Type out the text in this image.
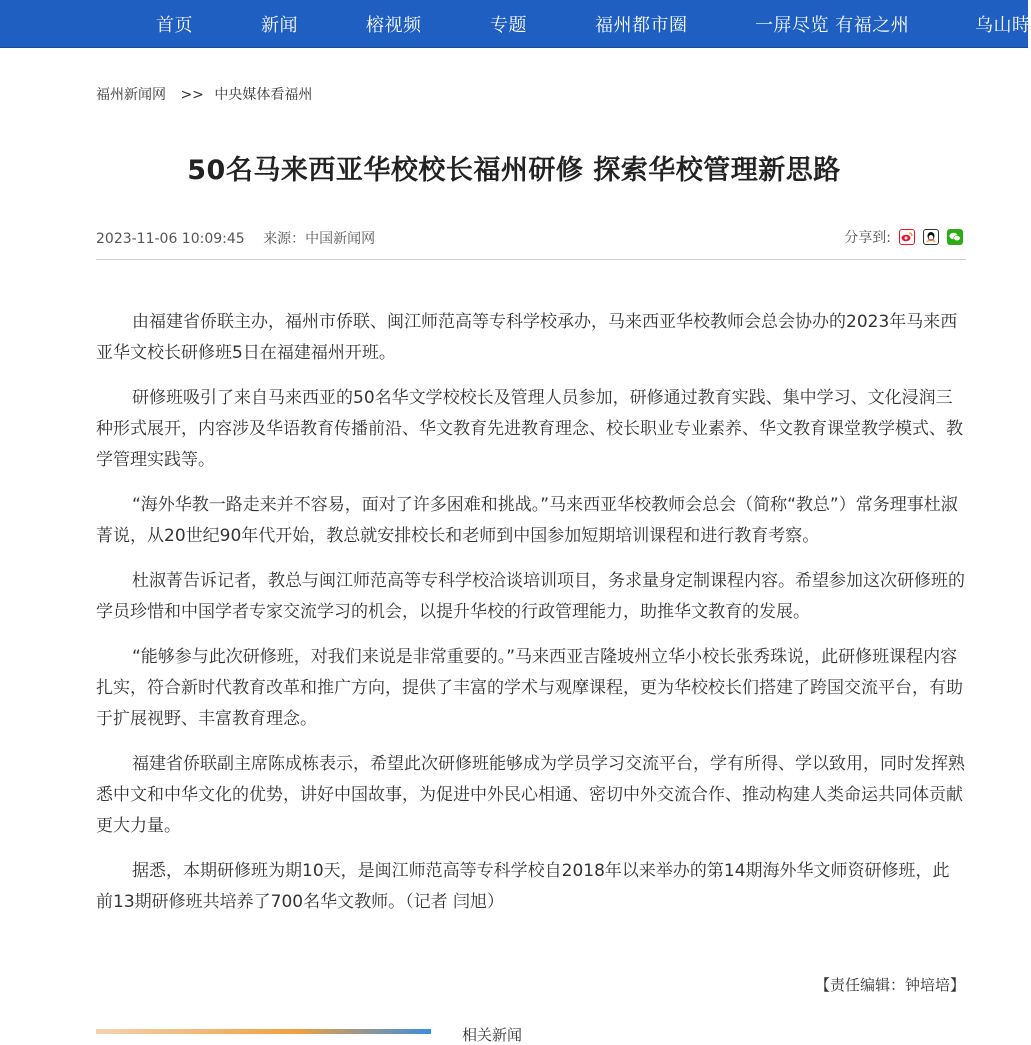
首页	新闻	榕视频	专题	福州都市圈	一屏尽览 有福之州	乌山時
福州新闻网 >> 中央媒体看福州
50名马来西亚华校校长福州研修 探索华校管理新思路
2023-11-06 10:09:45 来源：中国新闻网	分享到:

由福建省侨联主办，福州市侨联、闽江师范高等专科学校承办，马来西亚华校教师会总会协办的2023年马来西亚华文校长研修班5日在福建福州开班。

研修班吸引了来自马来西亚的50名华文学校校长及管理人员参加，研修通过教育实践、集中学习、文化浸润三种形式展开，内容涉及华语教育传播前沿、华文教育先进教育理念、校长职业专业素养、华文教育课堂教学模式、教学管理实践等。

“海外华教一路走来并不容易，面对了许多困难和挑战。”马来西亚华校教师会总会（简称“教总”）常务理事杜淑菁说，从20世纪90年代开始，教总就安排校长和老师到中国参加短期培训课程和进行教育考察。

杜淑菁告诉记者，教总与闽江师范高等专科学校洽谈培训项目，务求量身定制课程内容。希望参加这次研修班的学员珍惜和中国学者专家交流学习的机会，以提升华校的行政管理能力，助推华文教育的发展。

“能够参与此次研修班，对我们来说是非常重要的。”马来西亚吉隆坡州立华小校长张秀珠说，此研修班课程内容扎实，符合新时代教育改革和推广方向，提供了丰富的学术与观摩课程，更为华校校长们搭建了跨国交流平台，有助于扩展视野、丰富教育理念。

福建省侨联副主席陈成栋表示，希望此次研修班能够成为学员学习交流平台，学有所得、学以致用，同时发挥熟悉中文和中华文化的优势，讲好中国故事，为促进中外民心相通、密切中外交流合作、推动构建人类命运共同体贡献更大力量。

据悉，本期研修班为期10天，是闽江师范高等专科学校自2018年以来举办的第14期海外华文师资研修班，此前13期研修班共培养了700名华文教师。（记者 闫旭）

【责任编辑：钟培培】
相关新闻
